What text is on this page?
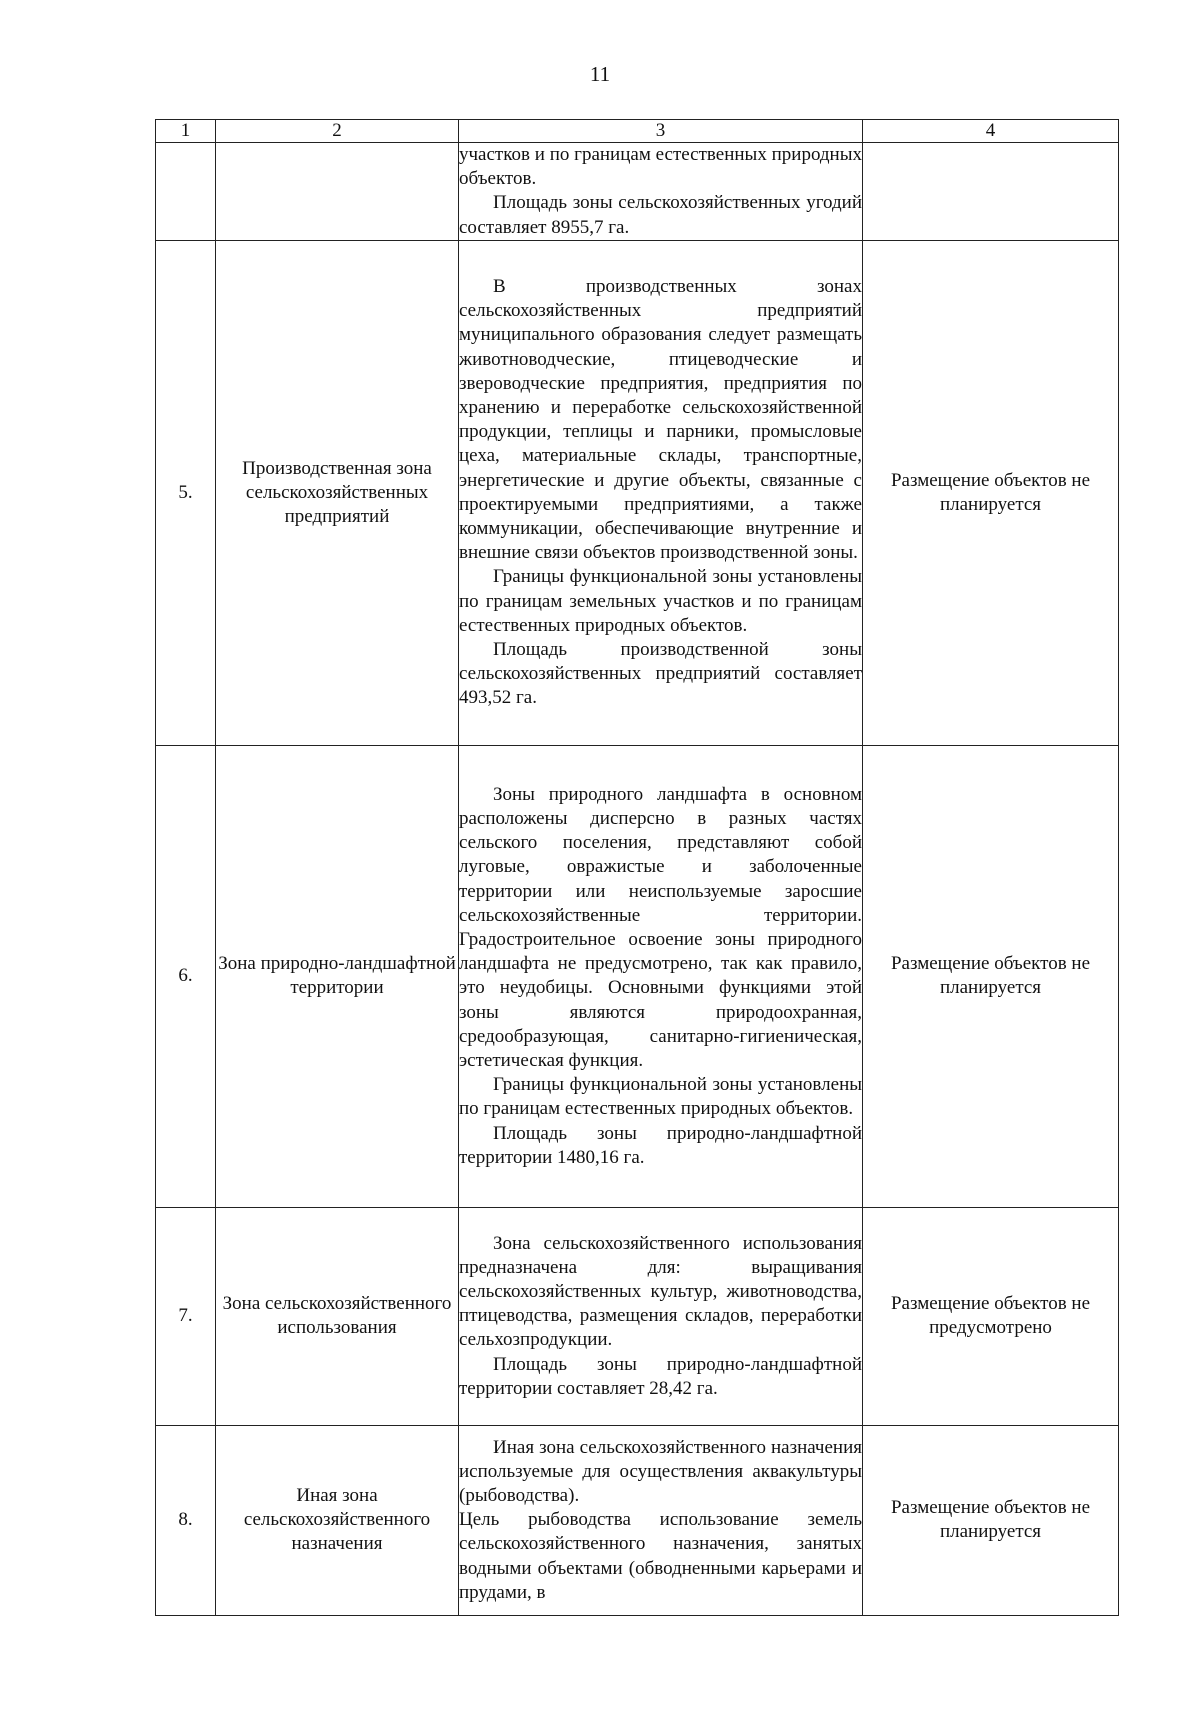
11
1	2	3	4

		участков и по границам естественных природных объектов.

Площадь зоны сельскохозяйственных угодий составляет 8955,7 га.	

5.	Производственная зона сельскохозяйственных предприятий	В производственных зонах сельскохозяйственных предприятий муниципального образования следует размещать животноводческие, птицеводческие и звероводческие предприятия, предприятия по хранению и переработке сельскохозяйственной продукции, теплицы и парники, промысловые цеха, материальные склады, транспортные, энергетические и другие объекты, связанные с проектируемыми предприятиями, а также коммуникации, обеспечивающие внутренние и внешние связи объектов производственной зоны.

Границы функциональной зоны установлены по границам земельных участков и по границам естественных природных объектов.

Площадь производственной зоны сельскохозяйственных предприятий составляет 493,52 га.	Размещение объектов не планируется
6.	Зона природно-ландшафтной территории	Зоны природного ландшафта в основном расположены дисперсно в разных частях сельского поселения, представляют собой луговые, овражистые и заболоченные территории или неиспользуемые заросшие сельскохозяйственные территории. Градостроительное освоение зоны природного ландшафта не предусмотрено, так как правило, это неудобицы. Основными функциями этой зоны являются природоохранная, средообразующая, санитарно-гигиеническая, эстетическая функция.

Границы функциональной зоны установлены по границам естественных природных объектов.

Площадь зоны природно-ландшафтной территории 1480,16 га.	Размещение объектов не планируется
7.	Зона сельскохозяйственного использования	Зона сельскохозяйственного использования предназначена для: выращивания сельскохозяйственных культур, животноводства, птицеводства, размещения складов, переработки сельхозпродукции.

Площадь зоны природно-ландшафтной территории составляет 28,42 га.	Размещение объектов не предусмотрено
8.	Иная зона сельскохозяйственного назначения	Иная зона сельскохозяйственного назначения используемые для осуществления аквакультуры (рыбоводства).

Цель рыбоводства использование земель сельскохозяйственного назначения, занятых водными объектами (обводненными карьерами и прудами, в	Размещение объектов не планируется
